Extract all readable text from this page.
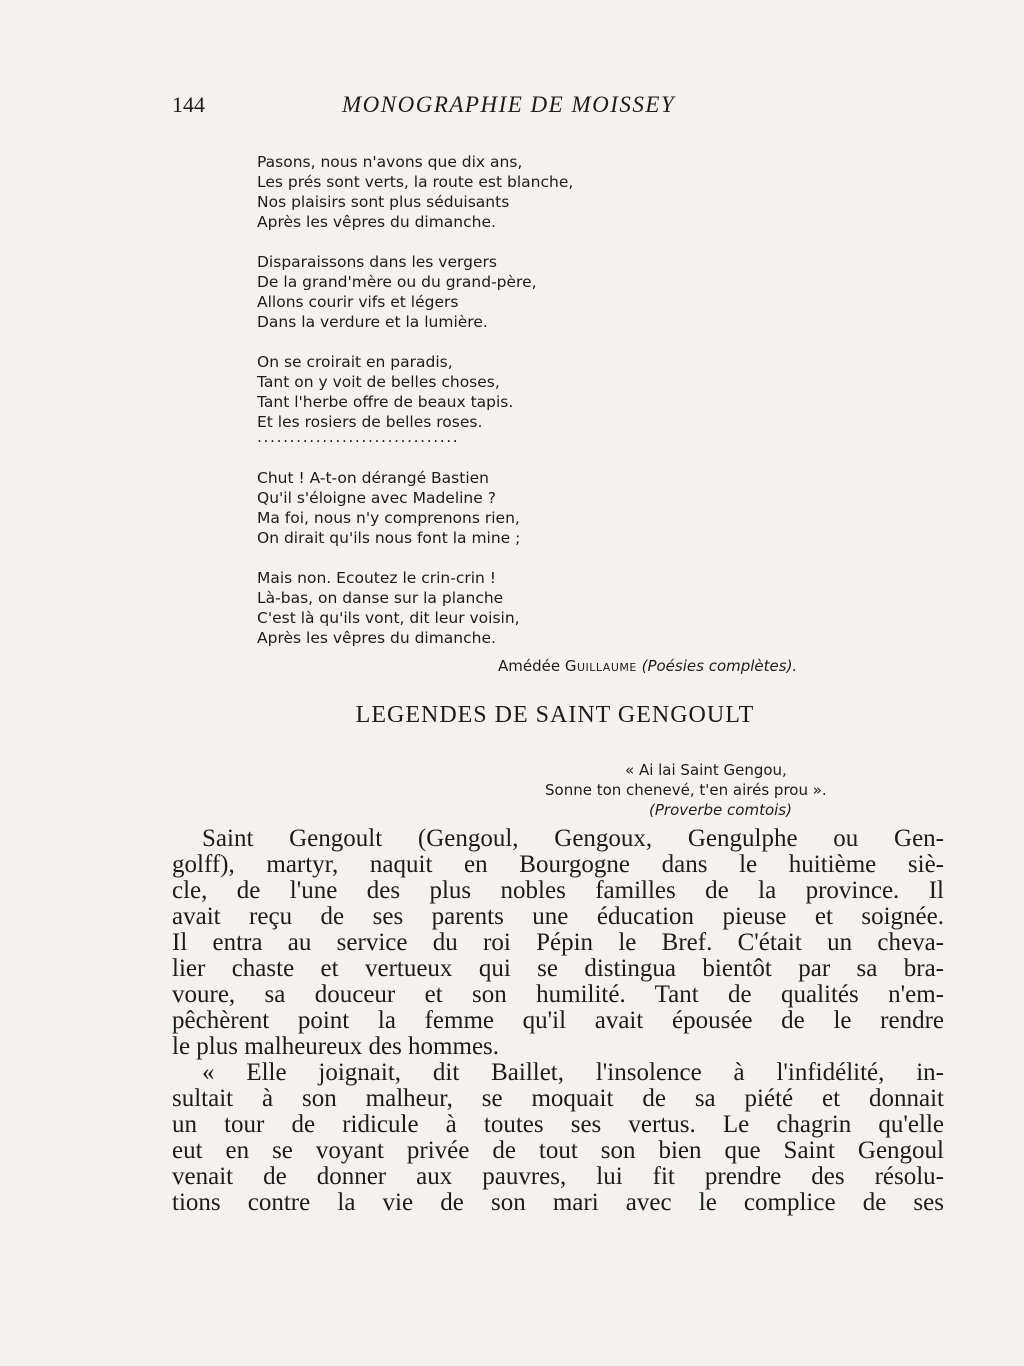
144	MONOGRAPHIE DE MOISSEY
Pasons, nous n'avons que dix ans,
Les prés sont verts, la route est blanche,
Nos plaisirs sont plus séduisants
Après les vêpres du dimanche.
Disparaissons dans les vergers
De la grand'mère ou du grand-père,
Allons courir vifs et légers
Dans la verdure et la lumière.
On se croirait en paradis,
Tant on y voit de belles choses,
Tant l'herbe offre de beaux tapis.
Et les rosiers de belles roses.
...............................
Chut ! A-t-on dérangé Bastien
Qu'il s'éloigne avec Madeline ?
Ma foi, nous n'y comprenons rien,
On dirait qu'ils nous font la mine ;
Mais non. Ecoutez le crin-crin !
Là-bas, on danse sur la planche
C'est là qu'ils vont, dit leur voisin,
Après les vêpres du dimanche.
Amédée Guillaume (Poésies complètes).
LEGENDES DE SAINT GENGOULT
« Ai lai Saint Gengou,
Sonne ton chenevé, t'en airés prou ».
(Proverbe comtois)
Saint Gengoult (Gengoul, Gengoux, Gengulphe ou Gen-
golff), martyr, naquit en Bourgogne dans le huitième siè-
cle, de l'une des plus nobles familles de la province. Il
avait reçu de ses parents une éducation pieuse et soignée.
Il entra au service du roi Pépin le Bref. C'était un cheva-
lier chaste et vertueux qui se distingua bientôt par sa bra-
voure, sa douceur et son humilité. Tant de qualités n'em-
pêchèrent point la femme qu'il avait épousée de le rendre
le plus malheureux des hommes.
« Elle joignait, dit Baillet, l'insolence à l'infidélité, in-
sultait à son malheur, se moquait de sa piété et donnait
un tour de ridicule à toutes ses vertus. Le chagrin qu'elle
eut en se voyant privée de tout son bien que Saint Gengoul
venait de donner aux pauvres, lui fit prendre des résolu-
tions contre la vie de son mari avec le complice de ses
